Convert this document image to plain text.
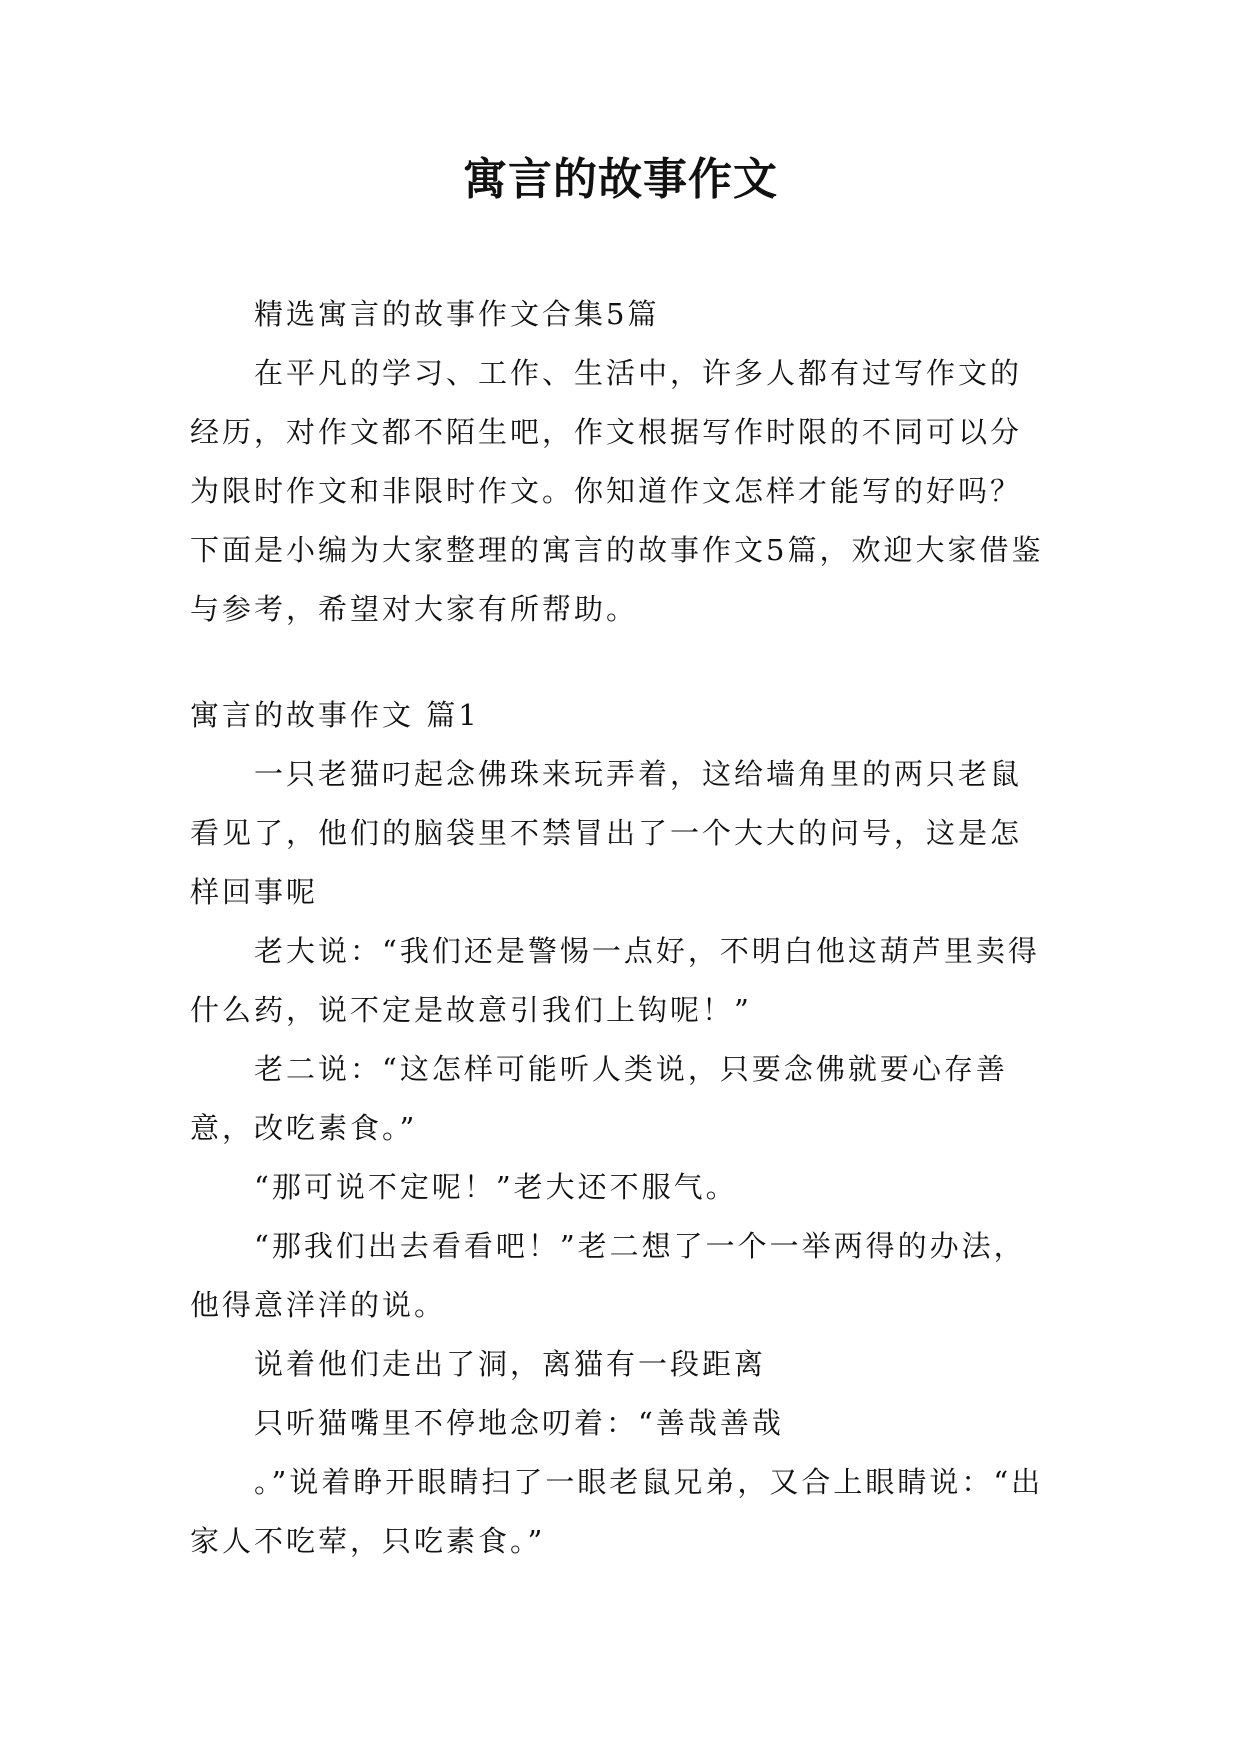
寓言的故事作文

精选寓言的故事作文合集5篇

在平凡的学习、工作、生活中，许多人都有过写作文的经历，对作文都不陌生吧，作文根据写作时限的不同可以分为限时作文和非限时作文。你知道作文怎样才能写的好吗？下面是小编为大家整理的寓言的故事作文5篇，欢迎大家借鉴与参考，希望对大家有所帮助。

寓言的故事作文 篇1

一只老猫叼起念佛珠来玩弄着，这给墙角里的两只老鼠看见了，他们的脑袋里不禁冒出了一个大大的问号，这是怎样回事呢

老大说：“我们还是警惕一点好，不明白他这葫芦里卖得什么药，说不定是故意引我们上钩呢！”

老二说：“这怎样可能听人类说，只要念佛就要心存善意，改吃素食。”

“那可说不定呢！”老大还不服气。

“那我们出去看看吧！”老二想了一个一举两得的办法，他得意洋洋的说。

说着他们走出了洞，离猫有一段距离

只听猫嘴里不停地念叨着：“善哉善哉

。”说着睁开眼睛扫了一眼老鼠兄弟，又合上眼睛说：“出家人不吃荤，只吃素食。”
